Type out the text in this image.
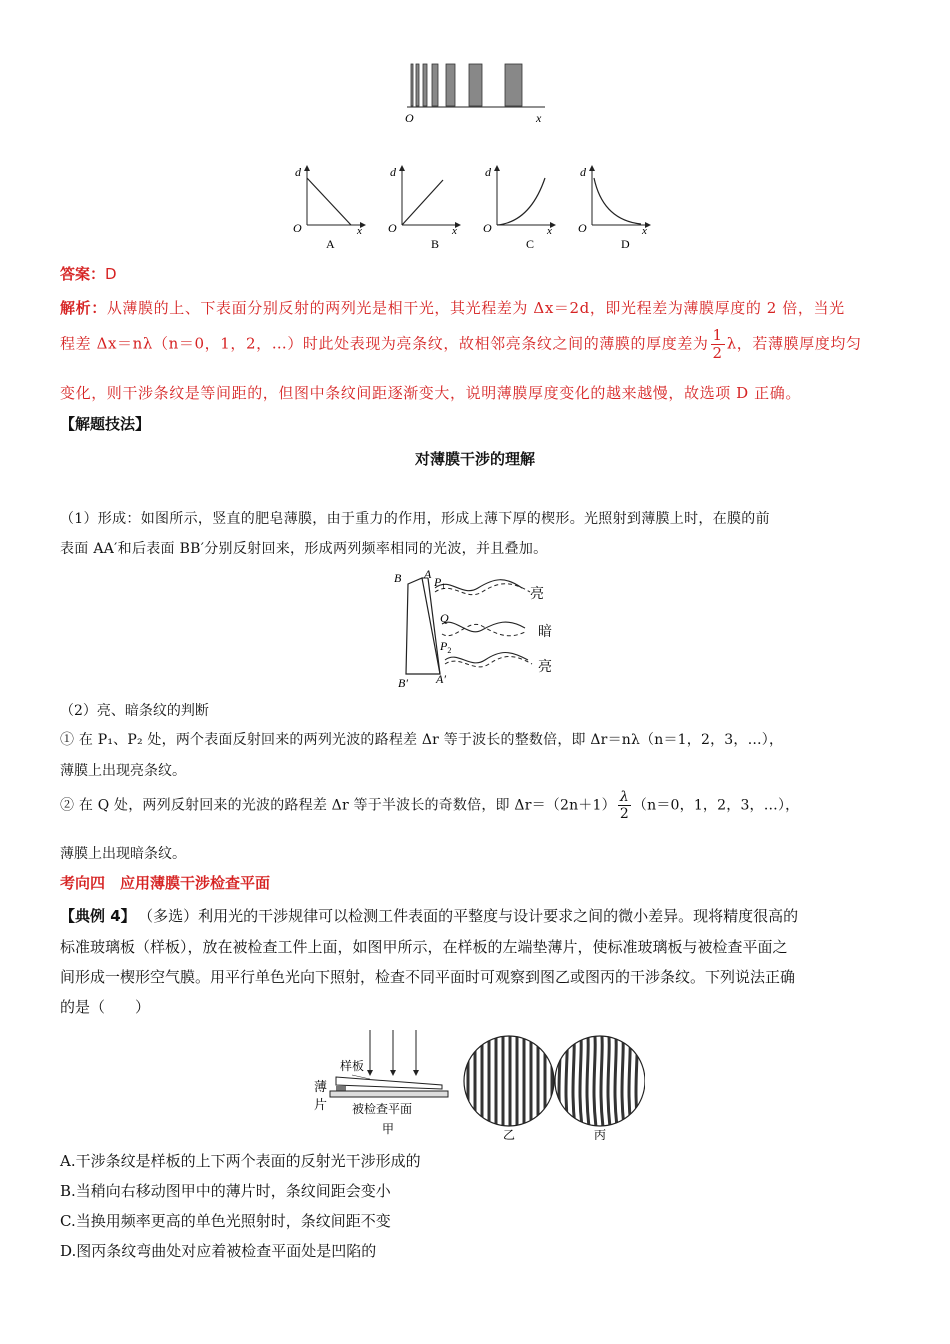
O	x
d
O	x
A
d
O	x
B
d
O	x
C
d
O	x
D
答案：D
解析：从薄膜的上、下表面分别反射的两列光是相干光，其光程差为 Δx＝2d，即光程差为薄膜厚度的 2 倍，当光
程差 Δx＝nλ（n＝0，1，2，…）时此处表现为亮条纹，故相邻亮条纹之间的薄膜的厚度差为 $\frac{1}{2}$ λ，若薄膜厚度均匀
变化，则干涉条纹是等间距的，但图中条纹间距逐渐变大，说明薄膜厚度变化的越来越慢，故选项 D 正确。
【解题技法】
对薄膜干涉的理解
（1）形成：如图所示，竖直的肥皂薄膜，由于重力的作用，形成上薄下厚的楔形。光照射到薄膜上时，在膜的前
表面 AA′和后表面 BB′分别反射回来，形成两列频率相同的光波，并且叠加。
B A
$P_1$
Q
$P_2$
B′ A′
亮
暗
亮
（2）亮、暗条纹的判断
① 在 P₁、P₂ 处，两个表面反射回来的两列光波的路程差 Δr 等于波长的整数倍，即 Δr＝nλ（n＝1，2，3，…），
薄膜上出现亮条纹。
② 在 Q 处，两列反射回来的光波的路程差 Δr 等于半波长的奇数倍，即 $\Delta r=(2n+1) \frac{\lambda}{2} (n=0$，1，2，3，…），
薄膜上出现暗条纹。
考向四　应用薄膜干涉检查平面
【典例 4】 （多选）利用光的干涉规律可以检测工件表面的平整度与设计要求之间的微小差异。现将精度很高的
标准玻璃板（样板），放在被检查工件上面，如图甲所示，在样板的左端垫薄片，使标准玻璃板与被检查平面之
间形成一楔形空气膜。用平行单色光向下照射，检查不同平面时可观察到图乙或图丙的干涉条纹。下列说法正确
的是（　　）
样板
薄
片 被检查平面
甲	乙	丙
A.干涉条纹是样板的上下两个表面的反射光干涉形成的
B.当稍向右移动图甲中的薄片时，条纹间距会变小
C.当换用频率更高的单色光照射时，条纹间距不变
D.图丙条纹弯曲处对应着被检查平面处是凹陷的
